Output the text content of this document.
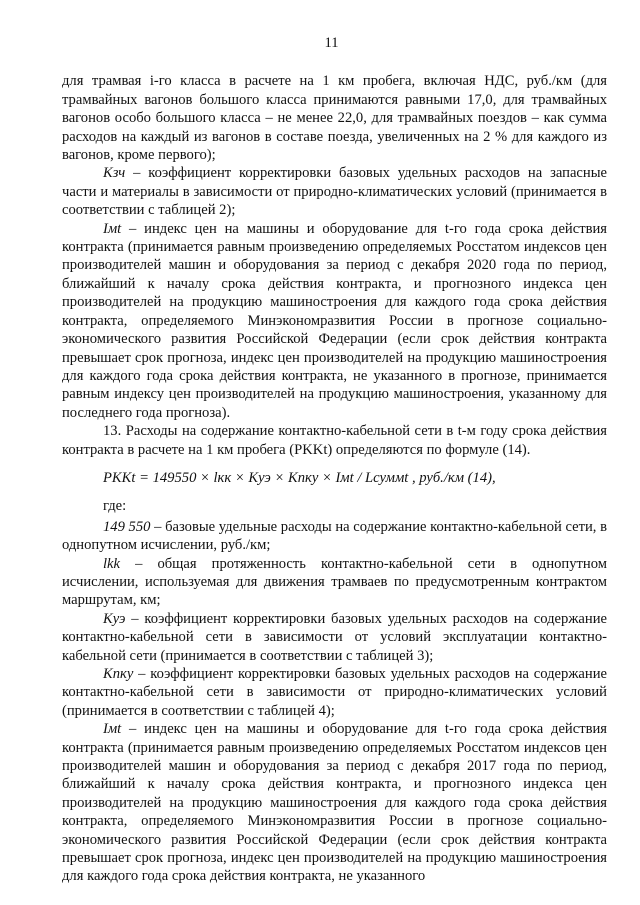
11

для трамвая i-го класса в расчете на 1 км пробега, включая НДС, руб./км (для трамвайных вагонов большого класса принимаются равными 17,0, для трамвайных вагонов особо большого класса – не менее 22,0, для трамвайных поездов – как сумма расходов на каждый из вагонов в составе поезда, увеличенных на 2 % для каждого из вагонов, кроме первого);

Kзч – коэффициент корректировки базовых удельных расходов на запасные части и материалы в зависимости от природно-климатических условий (принимается в соответствии с таблицей 2);

Iмt – индекс цен на машины и оборудование для t-го года срока действия контракта (принимается равным произведению определяемых Росстатом индексов цен производителей машин и оборудования за период с декабря 2020 года по период, ближайший к началу срока действия контракта, и прогнозного индекса цен производителей на продукцию машиностроения для каждого года срока действия контракта, определяемого Минэкономразвития России в прогнозе социально-экономического развития Российской Федерации (если срок действия контракта превышает срок прогноза, индекс цен производителей на продукцию машиностроения для каждого года срока действия контракта, не указанного в прогнозе, принимается равным индексу цен производителей на продукцию машиностроения, указанному для последнего года прогноза).

13. Расходы на содержание контактно-кабельной сети в t-м году срока действия контракта в расчете на 1 км пробега (PKKt) определяются по формуле (14).

PKKt = 149550 × lкк × Kуэ × Kпку × Iмt / Lсуммt , руб./км (14),

где:

149 550 – базовые удельные расходы на содержание контактно-кабельной сети, в однопутном исчислении, руб./км;

lkk – общая протяженность контактно-кабельной сети в однопутном исчислении, используемая для движения трамваев по предусмотренным контрактом маршрутам, км;

Kуэ – коэффициент корректировки базовых удельных расходов на содержание контактно-кабельной сети в зависимости от условий эксплуатации контактно-кабельной сети (принимается в соответствии с таблицей 3);

Kпку – коэффициент корректировки базовых удельных расходов на содержание контактно-кабельной сети в зависимости от природно-климатических условий (принимается в соответствии с таблицей 4);

Iмt – индекс цен на машины и оборудование для t-го года срока действия контракта (принимается равным произведению определяемых Росстатом индексов цен производителей машин и оборудования за период с декабря 2017 года по период, ближайший к началу срока действия контракта, и прогнозного индекса цен производителей на продукцию машиностроения для каждого года срока действия контракта, определяемого Минэкономразвития России в прогнозе социально-экономического развития Российской Федерации (если срок действия контракта превышает срок прогноза, индекс цен производителей на продукцию машиностроения для каждого года срока действия контракта, не указанного
